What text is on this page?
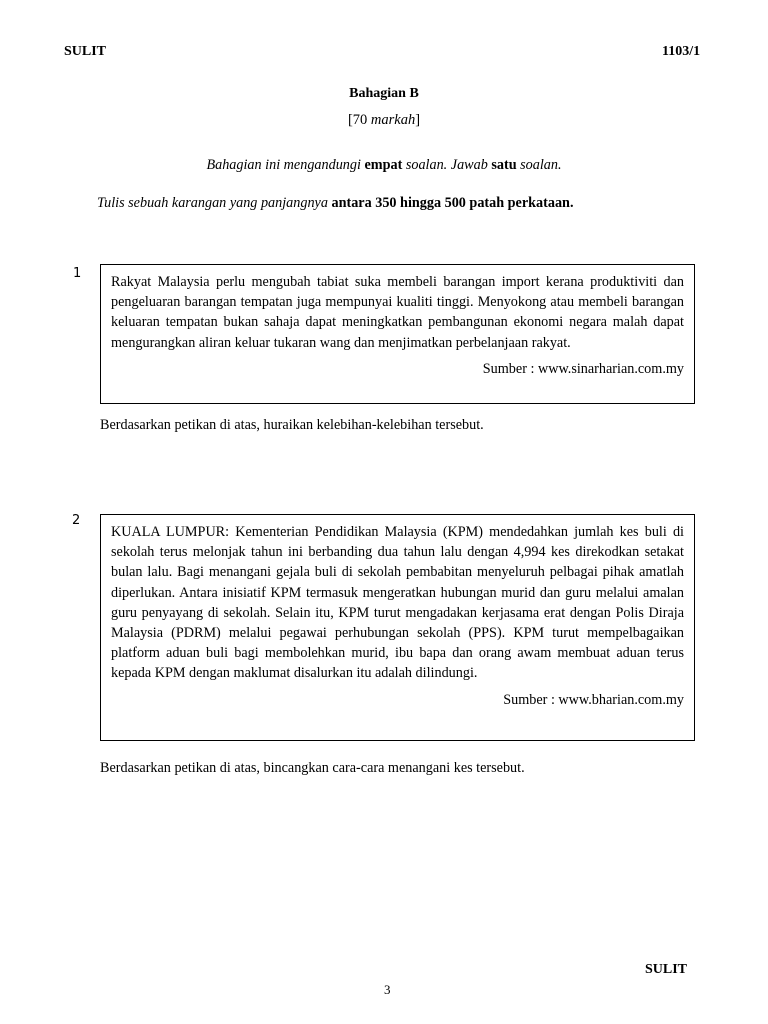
SULIT	1103/1
Bahagian B
[70 markah]
Bahagian ini mengandungi empat soalan. Jawab satu soalan.
Tulis sebuah karangan yang panjangnya antara 350 hingga 500 patah perkataan.
1

Rakyat Malaysia perlu mengubah tabiat suka membeli barangan import kerana produktiviti dan pengeluaran barangan tempatan juga mempunyai kualiti tinggi. Menyokong atau membeli barangan keluaran tempatan bukan sahaja dapat meningkatkan pembangunan ekonomi negara malah dapat mengurangkan aliran keluar tukaran wang dan menjimatkan perbelanjaan rakyat.

Sumber : www.sinarharian.com.my
Berdasarkan petikan di atas, huraikan kelebihan-kelebihan tersebut.
2

KUALA LUMPUR: Kementerian Pendidikan Malaysia (KPM) mendedahkan jumlah kes buli di sekolah terus melonjak tahun ini berbanding dua tahun lalu dengan 4,994 kes direkodkan setakat bulan lalu. Bagi menangani gejala buli di sekolah pembabitan menyeluruh pelbagai pihak amatlah diperlukan. Antara inisiatif KPM termasuk mengeratkan hubungan murid dan guru melalui amalan guru penyayang di sekolah. Selain itu, KPM turut mengadakan kerjasama erat dengan Polis Diraja Malaysia (PDRM) melalui pegawai perhubungan sekolah (PPS). KPM turut mempelbagaikan platform aduan buli bagi membolehkan murid, ibu bapa dan orang awam membuat aduan terus kepada KPM dengan maklumat disalurkan itu adalah dilindungi.

Sumber : www.bharian.com.my
Berdasarkan petikan di atas, bincangkan cara-cara menangani kes tersebut.
SULIT
3
